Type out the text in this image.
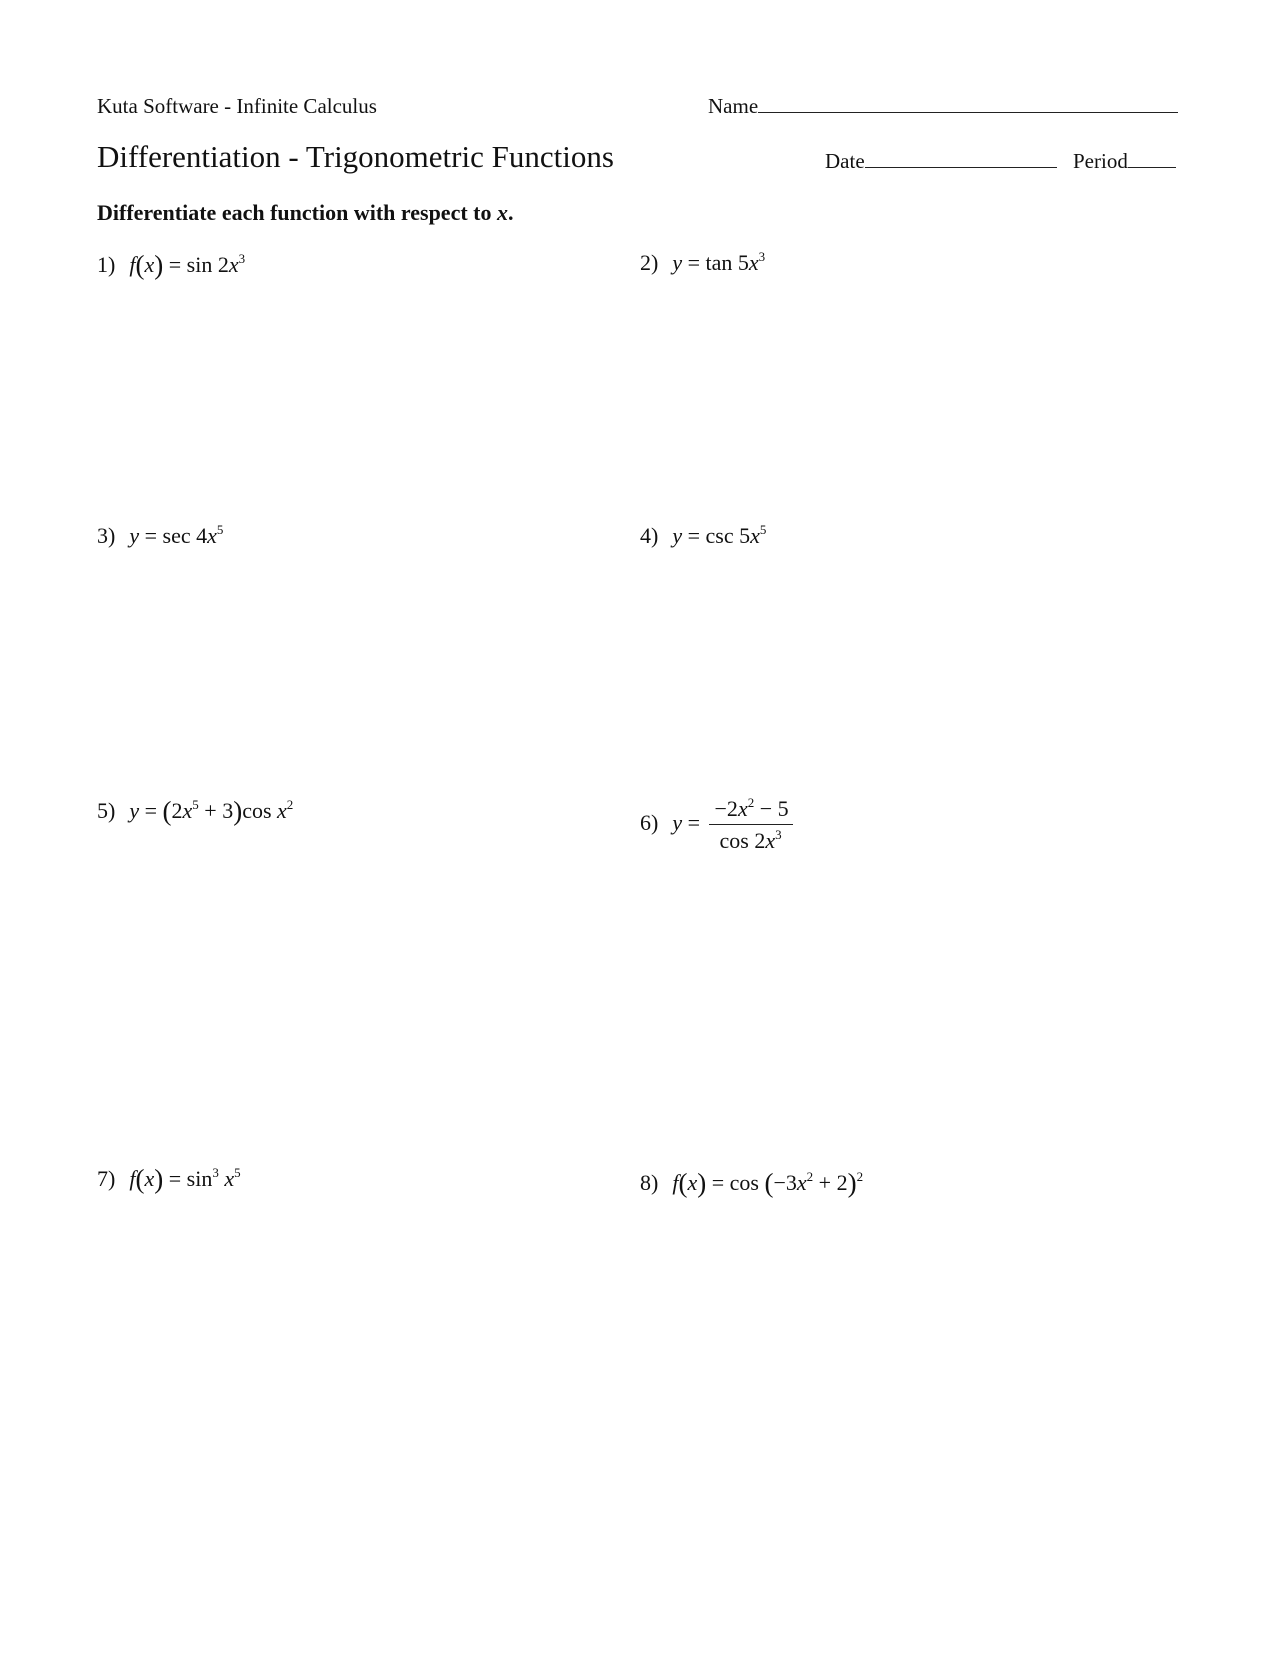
Kuta Software - Infinite Calculus	Name
Differentiation - Trigonometric Functions	Date	Period
Differentiate each function with respect to x.
1) $f(x) = \sin 2x^3$	2) $y = \tan 5x^3$
3) $y = \sec 4x^5$	4) $y = \csc 5x^5$
5) $y = (2x^5 + 3)\cos$ $x^2$
6) $y = \frac{-2x^2 - 5}{\cos 2x^3}$
7) $f(x) = \sin^3 x^5$	8) $f(x) = \cos (-3x^2 + 2)^2$
